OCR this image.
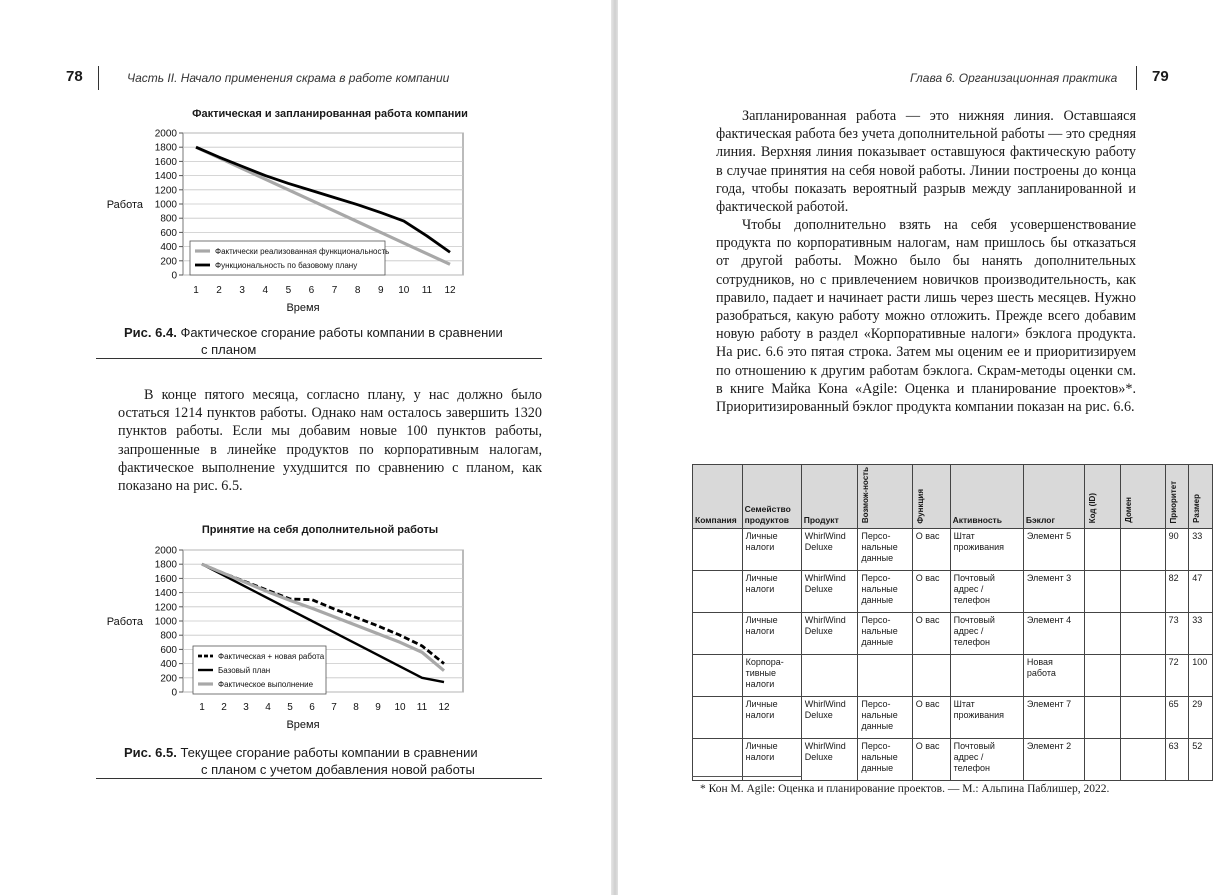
78	Часть II. Начало применения скрама в работе компании
Фактическая и запланированная работа компании
0
200
400
600
800
1000
1200
1400
1600
1800
2000
1 2 3 4 5 6 7 8 9 10 11 12
Работа
Время
Фактически реализованная функциональность
Функциональность по базовому плану
Рис. 6.4. Фактическое сгорание работы компании в сравнении
с планом

В конце пятого месяца, согласно плану, у нас должно было остаться 1214 пунктов работы. Однако нам осталось завершить 1320 пунктов работы. Если мы добавим новые 100 пунктов работы, запрошенные в линейке продуктов по корпоративным налогам, фактическое выполнение ухудшится по сравнению с планом, как показано на рис. 6.5.

Принятие на себя дополнительной работы
0
200
400
600
800
1000
1200
1400
1600
1800
2000
1 2 3 4 5 6 7 8 9 10 11 12
Работа
Время
Фактическая + новая работа
Базовый план
Фактическое выполнение
Рис. 6.5. Текущее сгорание работы компании в сравнении
с планом с учетом добавления новой работы
Глава 6. Организационная практика 79

Запланированная работа — это нижняя линия. Оставшаяся фактическая работа без учета дополнительной работы — это средняя линия. Верхняя линия показывает оставшуюся фактическую работу в случае принятия на себя новой работы. Линии построены до конца года, чтобы показать вероятный разрыв между запланированной и фактической работой.

Чтобы дополнительно взять на себя усовершенствование продукта по корпоративным налогам, нам пришлось бы отказаться от другой работы. Можно было бы нанять дополнительных сотрудников, но с привлечением новичков производительность, как правило, падает и начинает расти лишь через шесть месяцев. Нужно разобраться, какую работу можно отложить. Прежде всего добавим новую работу в раздел «Корпоративные налоги» бэклога продукта. На рис. 6.6 это пятая строка. Затем мы оценим ее и приоритизируем по отношению к другим работам бэклога. Скрам-методы оценки см. в книге Майка Кона «Agile: Оценка и планирование проектов»*. Приоритизированный бэклог продукта компании показан на рис. 6.6.

Компания	Семейство продуктов	Продукт	Возмож-ность	Функция	Активность	Бэклог	Код (ID)	Домен	Приоритет	Размер
	Личные налоги	WhirlWind Deluxe	Персо-нальные данные	О вас	Штат проживания	Элемент 5			90	33
	Личные налоги	WhirlWind Deluxe	Персо-нальные данные	О вас	Почтовый адрес / телефон	Элемент 3			82	47
	Личные налоги	WhirlWind Deluxe	Персо-нальные данные	О вас	Почтовый адрес / телефон	Элемент 4			73	33
	Корпора-тивные налоги					Новая работа			72	100
	Личные налоги	WhirlWind Deluxe	Персо-нальные данные	О вас	Штат проживания	Элемент 7			65	29
	Личные налоги	WhirlWind Deluxe	Персо-нальные данные	О вас	Почтовый адрес / телефон	Элемент 2			63	52
* Кон М. Agile: Оценка и планирование проектов. — М.: Альпина Паблишер, 2022.
